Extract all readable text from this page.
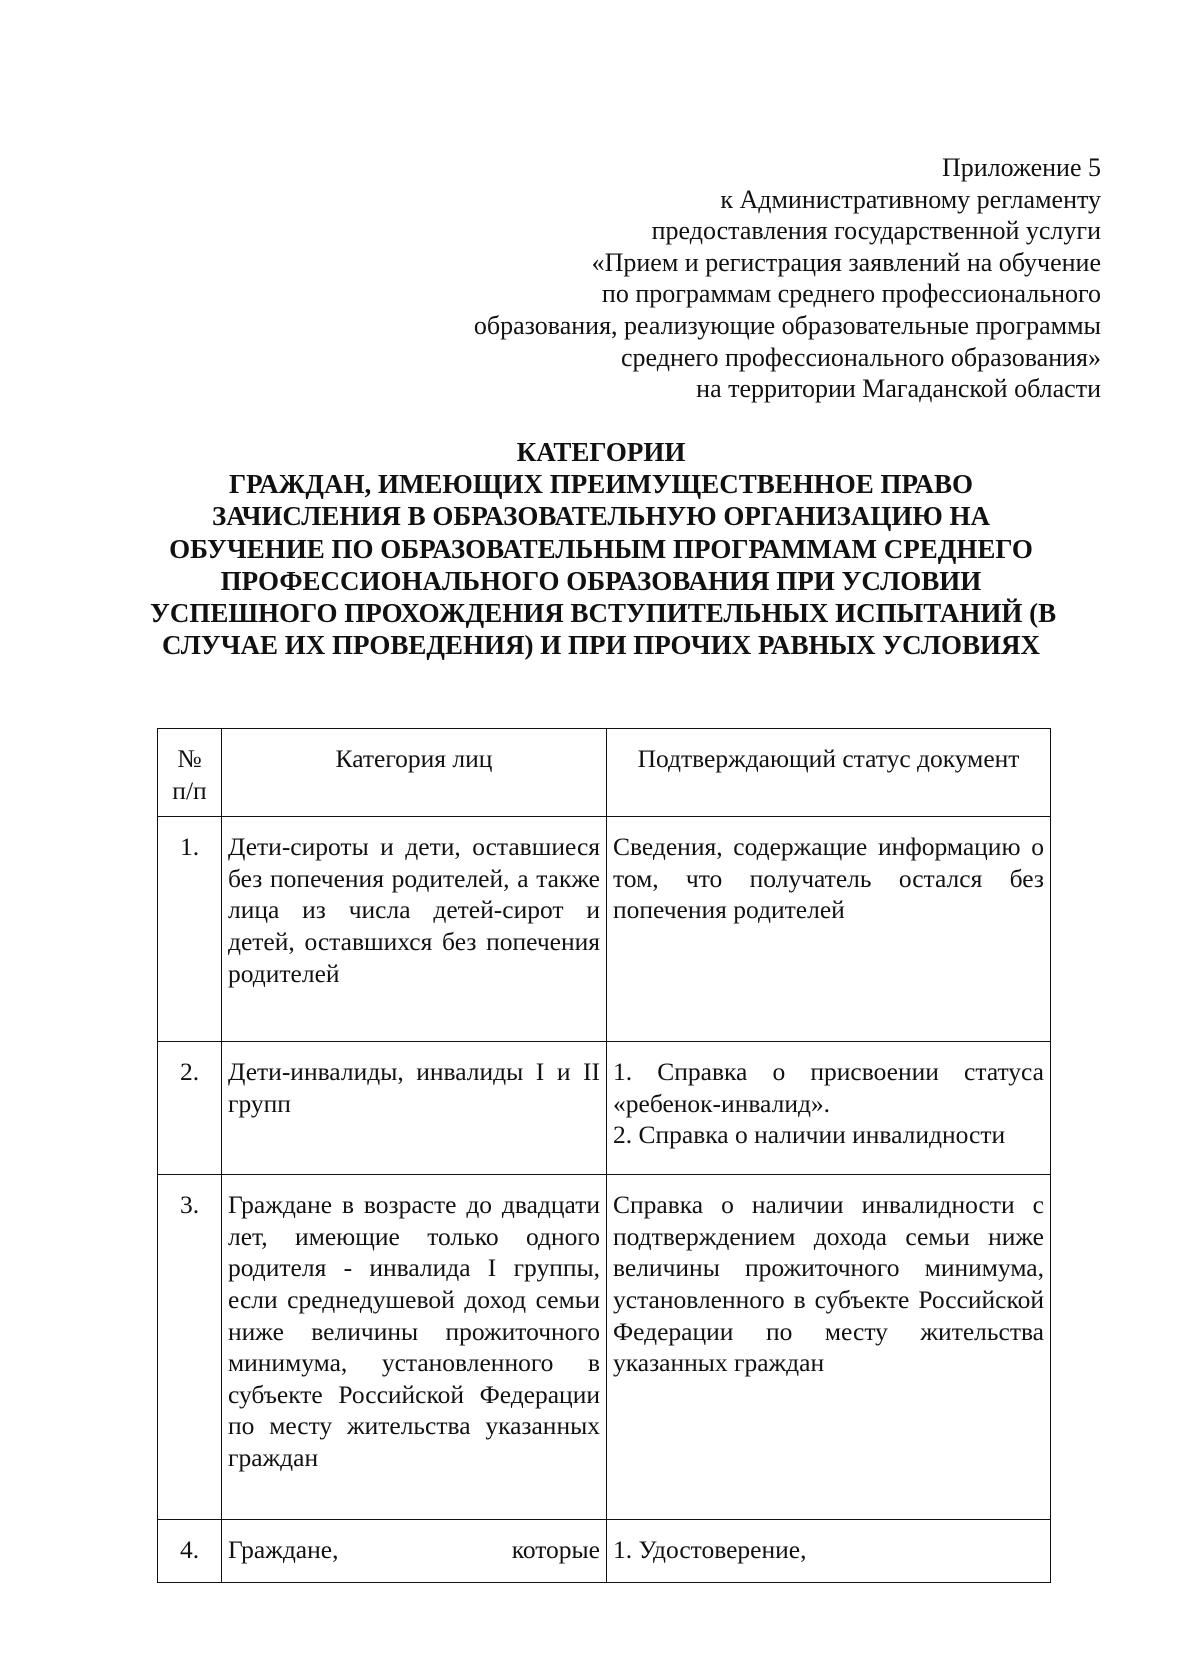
Приложение 5
к Административному регламенту
предоставления государственной услуги
«Прием и регистрация заявлений на обучение
по программам среднего профессионального
образования, реализующие образовательные программы
среднего профессионального образования»
на территории Магаданской области
КАТЕГОРИИ
ГРАЖДАН, ИМЕЮЩИХ ПРЕИМУЩЕСТВЕННОЕ ПРАВО
ЗАЧИСЛЕНИЯ В ОБРАЗОВАТЕЛЬНУЮ ОРГАНИЗАЦИЮ НА
ОБУЧЕНИЕ ПО ОБРАЗОВАТЕЛЬНЫМ ПРОГРАММАМ СРЕДНЕГО
ПРОФЕССИОНАЛЬНОГО ОБРАЗОВАНИЯ ПРИ УСЛОВИИ
УСПЕШНОГО ПРОХОЖДЕНИЯ ВСТУПИТЕЛЬНЫХ ИСПЫТАНИЙ (В
СЛУЧАЕ ИХ ПРОВЕДЕНИЯ) И ПРИ ПРОЧИХ РАВНЫХ УСЛОВИЯХ
№
п/п	Категория лиц	Подтверждающий статус документ
1.	Дети-сироты и дети, оставшиеся без попечения родителей, а также лица из числа детей-сирот и детей, оставшихся без попечения родителей	Сведения, содержащие информацию о том, что получатель остался без попечения родителей
2.	Дети-инвалиды, инвалиды I и II групп	1. Справка о присвоении статуса «ребенок-инвалид».
2. Справка о наличии инвалидности

3.	Граждане в возрасте до двадцати лет, имеющие только одного родителя - инвалида I группы, если среднедушевой доход семьи ниже величины прожиточного минимума, установленного в субъекте Российской Федерации по месту жительства указанных граждан	Справка о наличии инвалидности с подтверждением дохода семьи ниже величины прожиточного минимума, установленного в субъекте Российской Федерации по месту жительства указанных граждан
4.	Граждане, которые	1. Удостоверение,
